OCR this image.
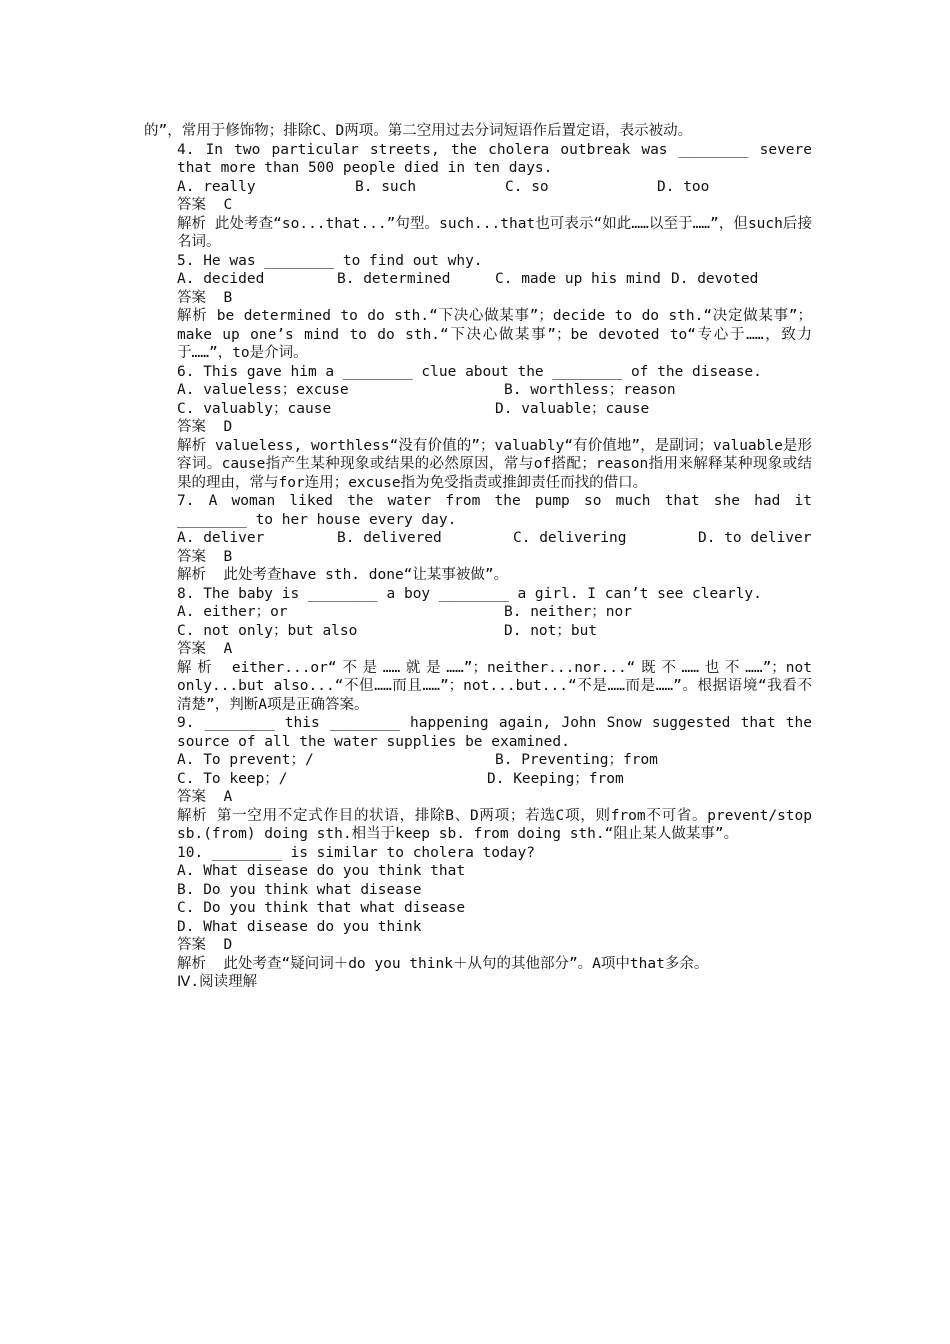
的”，常用于修饰物；排除C、D两项。第二空用过去分词短语作后置定语，表示被动。
4. In two particular streets, the cholera outbreak was ________ severe that more than 500 people died in ten days.
A. really	B. such	C. so	D. too
答案  C
解析 此处考查“so...that...”句型。such...that也可表示“如此……以至于……”，但such后接名词。
5. He was ________ to find out why.
A. decided	B. determined	C. made up his mind D. devoted
答案  B
解析 be determined to do sth.“下决心做某事”；decide to do sth.“决定做某事”；make up one’s mind to do sth.“下决心做某事”；be devoted to“专心于……，致力于……”，to是介词。
6. This gave him a ________ clue about the ________ of the disease.
A. valueless；excuse	B. worthless；reason
C. valuably；cause	D. valuable；cause
答案  D
解析 valueless, worthless“没有价值的”；valuably“有价值地”，是副词；valuable是形容词。cause指产生某种现象或结果的必然原因，常与of搭配；reason指用来解释某种现象或结果的理由，常与for连用；excuse指为免受指责或推卸责任而找的借口。
7. A woman liked the water from the pump so much that she had it ________ to her house every day.
A. deliver	B. delivered	C. delivering	D. to deliver
答案  B
解析  此处考查have sth. done“让某事被做”。
8. The baby is ________ a boy ________ a girl. I can’t see clearly.
A. either；or	B. neither；nor
C. not only；but also	D. not；but
答案  A
解析 either...or“不是……就是……”；neither...nor...“既不……也不……”；not only...but also...“不但……而且……”；not...but...“不是……而是……”。根据语境“我看不清楚”，判断A项是正确答案。
9. ________ this ________ happening again, John Snow suggested that the source of all the water supplies be examined.
A. To prevent；/	B. Preventing；from
C. To keep；/	D. Keeping；from
答案  A
解析 第一空用不定式作目的状语，排除B、D两项；若选C项，则from不可省。prevent/stop sb.(from) doing sth.相当于keep sb. from doing sth.“阻止某人做某事”。
10. ________ is similar to cholera today?
A. What disease do you think that
B. Do you think what disease
C. Do you think that what disease
D. What disease do you think
答案  D
解析  此处考查“疑问词＋do you think＋从句的其他部分”。A项中that多余。
Ⅳ.阅读理解
